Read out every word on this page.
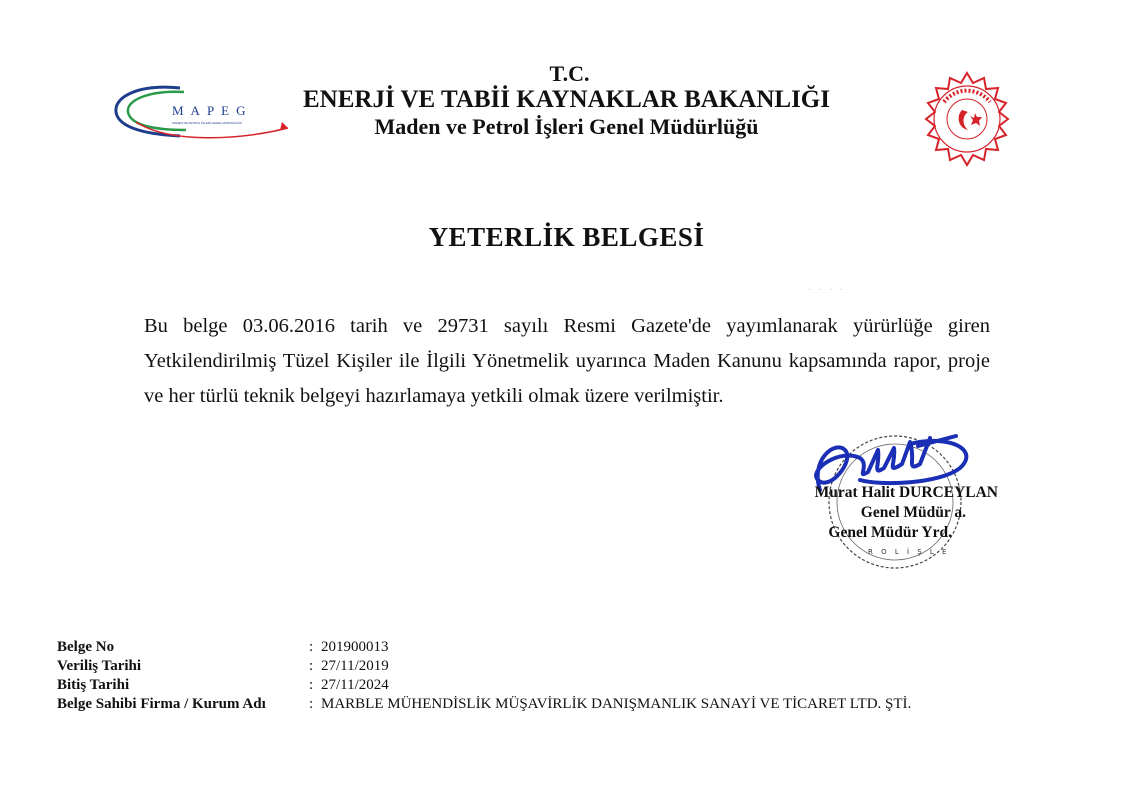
MAPEG
MADEN VE PETROL İŞLERİ GENEL MÜDÜRLÜĞÜ
T.C.
ENERJİ VE TABİİ KAYNAKLAR BAKANLIĞI
Maden ve Petrol İşleri Genel Müdürlüğü
YETERLİK BELGESİ
· · · ·
Bu belge 03.06.2016 tarih ve 29731 sayılı Resmi Gazete'de yayımlanarak yürürlüğe giren Yetkilendirilmiş Tüzel Kişiler ile İlgili Yönetmelik uyarınca Maden Kanunu kapsamında rapor, proje ve her türlü teknik belgeyi hazırlamaya yetkili olmak üzere verilmiştir.
R O L İ Ş L E
Murat Halit DURCEYLAN
Genel Müdür a.
Genel Müdür Yrd.
Belge No	: 201900013
Veriliş Tarihi	: 27/11/2019
Bitiş Tarihi	: 27/11/2024
Belge Sahibi Firma / Kurum Adı	: MARBLE MÜHENDİSLİK MÜŞAVİRLİK DANIŞMANLIK SANAYİ VE TİCARET LTD. ŞTİ.
